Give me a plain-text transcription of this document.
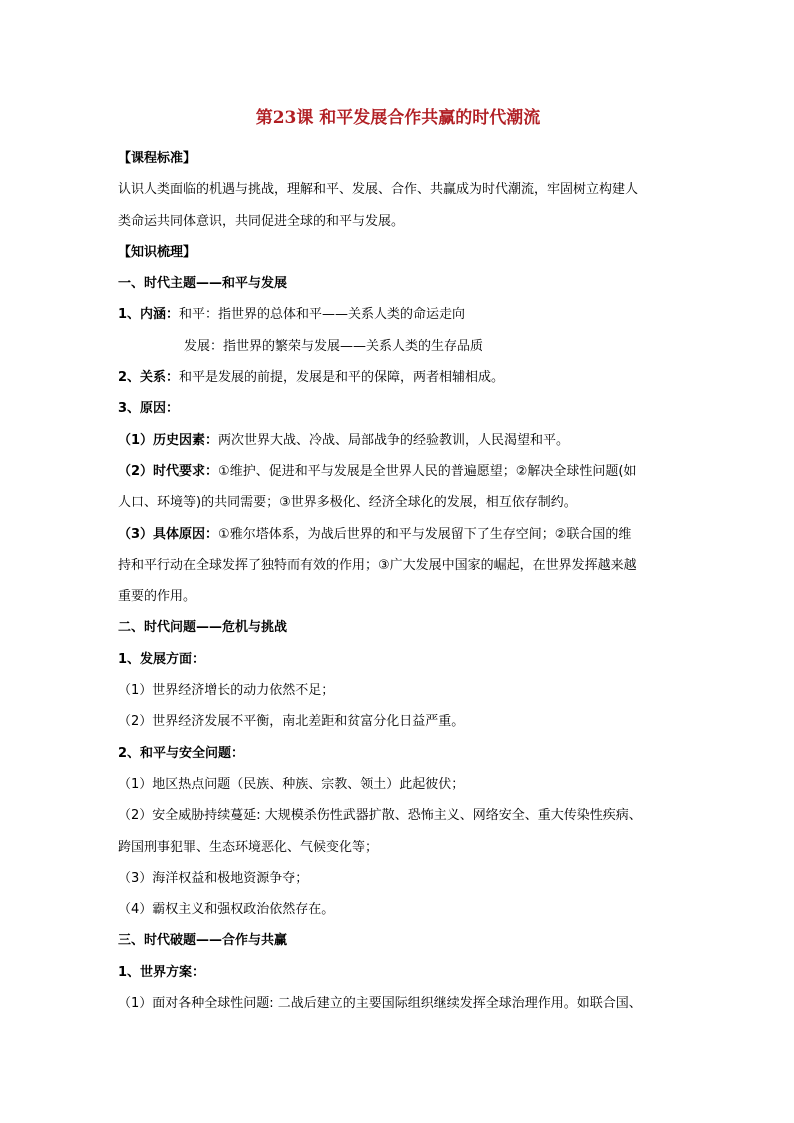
第23课 和平发展合作共赢的时代潮流
【课程标准】
认识人类面临的机遇与挑战，理解和平、发展、合作、共赢成为时代潮流，牢固树立构建人
类命运共同体意识，共同促进全球的和平与发展。
【知识梳理】
一、时代主题——和平与发展
1、内涵：和平：指世界的总体和平——关系人类的命运走向
发展：指世界的繁荣与发展——关系人类的生存品质
2、关系：和平是发展的前提，发展是和平的保障，两者相辅相成。
3、原因：
（1）历史因素：两次世界大战、冷战、局部战争的经验教训，人民渴望和平。
（2）时代要求：①维护、促进和平与发展是全世界人民的普遍愿望；②解决全球性问题(如
人口、环境等)的共同需要；③世界多极化、经济全球化的发展，相互依存制约。
（3）具体原因：①雅尔塔体系，为战后世界的和平与发展留下了生存空间；②联合国的维
持和平行动在全球发挥了独特而有效的作用；③广大发展中国家的崛起，在世界发挥越来越
重要的作用。
二、时代问题——危机与挑战
1、发展方面：
（1）世界经济增长的动力依然不足；
（2）世界经济发展不平衡，南北差距和贫富分化日益严重。
2、和平与安全问题：
（1）地区热点问题（民族、种族、宗教、领土）此起彼伏；
（2）安全威胁持续蔓延: 大规模杀伤性武器扩散、恐怖主义、网络安全、重大传染性疾病、
跨国刑事犯罪、生态环境恶化、气候变化等；
（3）海洋权益和极地资源争夺；
（4）霸权主义和强权政治依然存在。
三、时代破题——合作与共赢
1、世界方案：
（1）面对各种全球性问题: 二战后建立的主要国际组织继续发挥全球治理作用。如联合国、
